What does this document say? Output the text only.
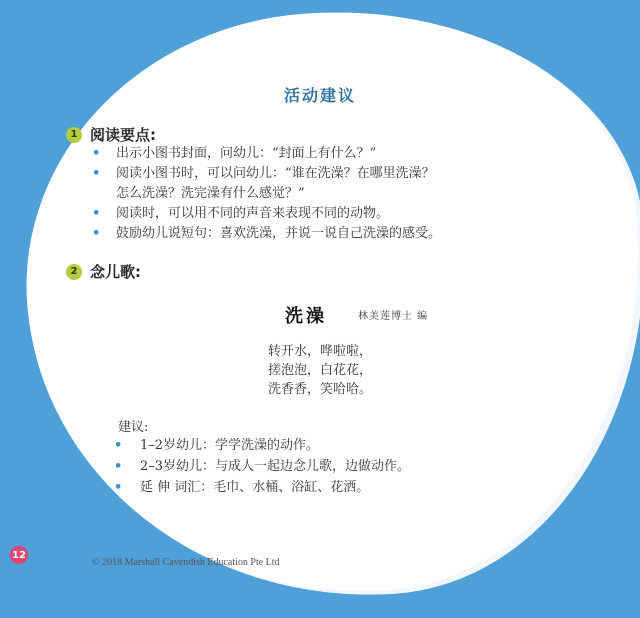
活动建议
1 阅读要点:
• 出示小图书封面，问幼儿：“封面上有什么？”
• 阅读小图书时，可以问幼儿：“谁在洗澡？在哪里洗澡？
怎么洗澡？洗完澡有什么感觉？”
• 阅读时，可以用不同的声音来表现不同的动物。
• 鼓励幼儿说短句：喜欢洗澡，并说一说自己洗澡的感受。
2 念儿歌:
洗澡	林美莲博士 编
转开水，哗啦啦，
搓泡泡，白花花，
洗香香，笑哈哈。
建议:
• 1–2岁幼儿：学学洗澡的动作。
• 2–3岁幼儿：与成人一起边念儿歌，边做动作。
• 延 伸 词汇：毛巾、水桶、浴缸、花洒。
12
© 2018 Marshall Cavendish Education Pte Ltd
